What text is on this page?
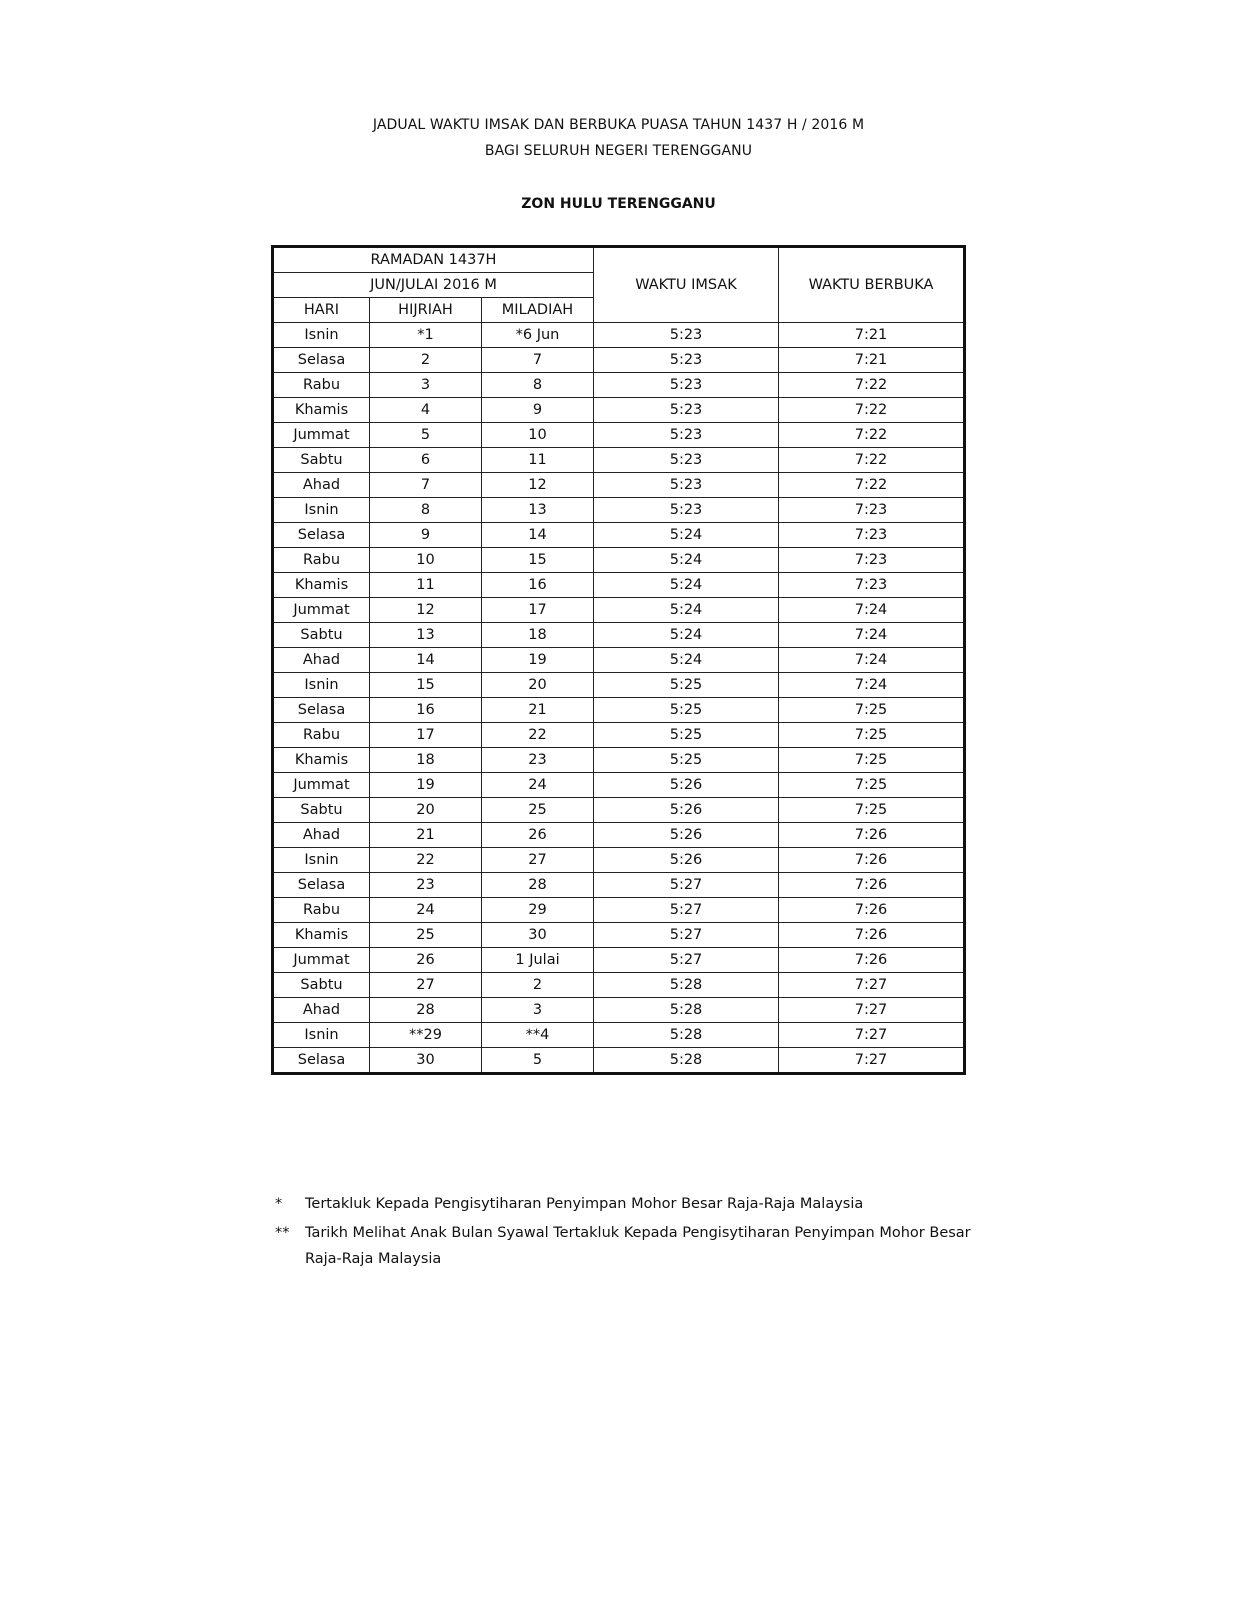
JADUAL WAKTU IMSAK DAN BERBUKA PUASA TAHUN 1437 H / 2016 M
BAGI SELURUH NEGERI TERENGGANU
ZON HULU TERENGGANU
RAMADAN 1437H			WAKTU IMSAK	WAKTU BERBUKA
JUN/JULAI 2016 M				
HARI	HIJRIAH	MILADIAH		
Isnin	*1	*6 Jun	5:23	7:21
Selasa	2	7	5:23	7:21
Rabu	3	8	5:23	7:22
Khamis	4	9	5:23	7:22
Jummat	5	10	5:23	7:22
Sabtu	6	11	5:23	7:22
Ahad	7	12	5:23	7:22
Isnin	8	13	5:23	7:23
Selasa	9	14	5:24	7:23
Rabu	10	15	5:24	7:23
Khamis	11	16	5:24	7:23
Jummat	12	17	5:24	7:24
Sabtu	13	18	5:24	7:24
Ahad	14	19	5:24	7:24
Isnin	15	20	5:25	7:24
Selasa	16	21	5:25	7:25
Rabu	17	22	5:25	7:25
Khamis	18	23	5:25	7:25
Jummat	19	24	5:26	7:25
Sabtu	20	25	5:26	7:25
Ahad	21	26	5:26	7:26
Isnin	22	27	5:26	7:26
Selasa	23	28	5:27	7:26
Rabu	24	29	5:27	7:26
Khamis	25	30	5:27	7:26
Jummat	26	1 Julai	5:27	7:26
Sabtu	27	2	5:28	7:27
Ahad	28	3	5:28	7:27
Isnin	**29	**4	5:28	7:27
Selasa	30	5	5:28	7:27
* Tertakluk Kepada Pengisytiharan Penyimpan Mohor Besar Raja-Raja Malaysia
** Tarikh Melihat Anak Bulan Syawal Tertakluk Kepada Pengisytiharan Penyimpan Mohor Besar
Raja-Raja Malaysia
